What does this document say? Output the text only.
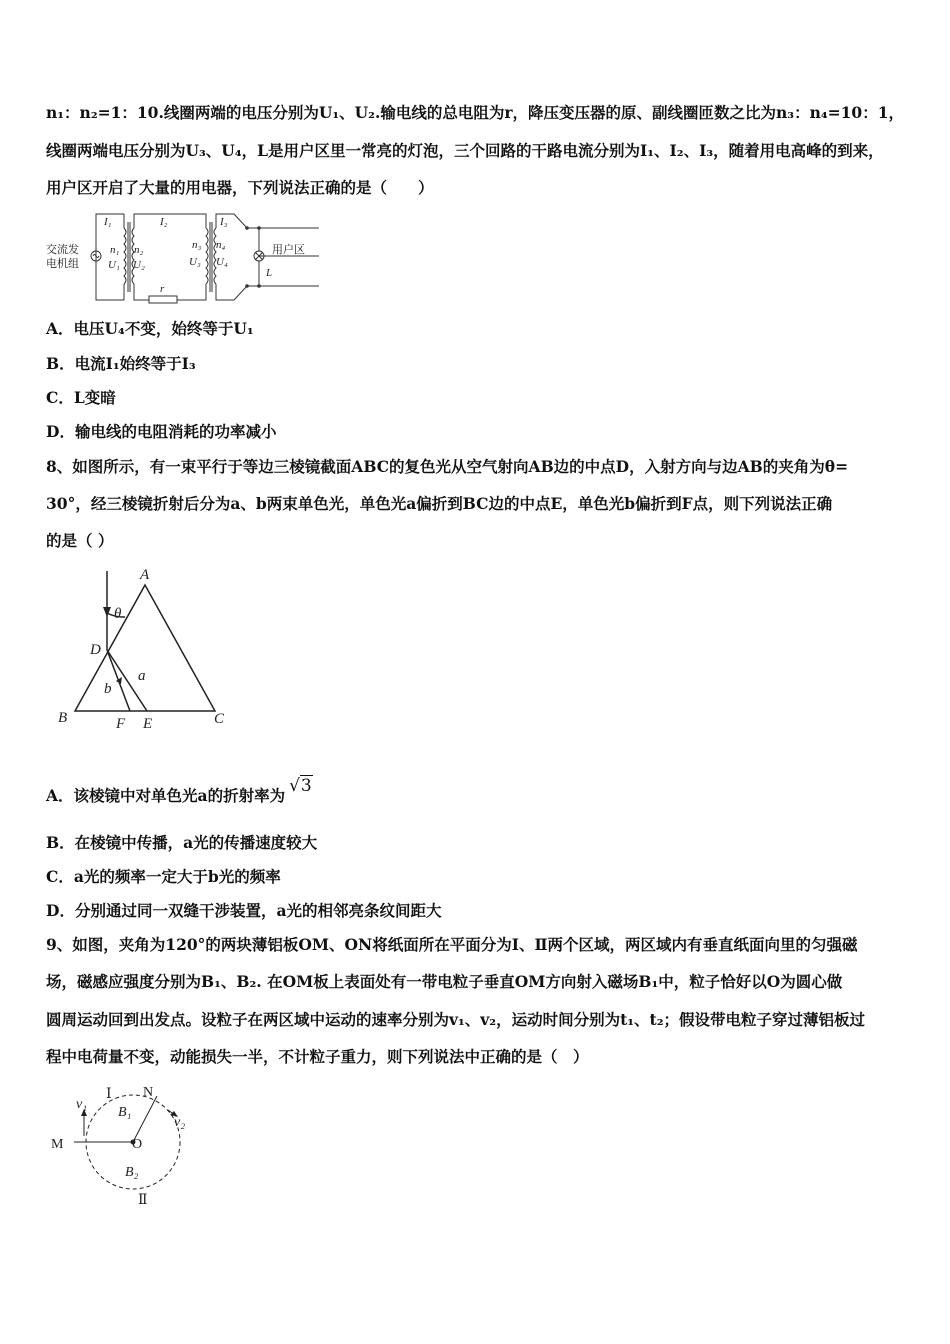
n₁：n₂=1：10.线圈两端的电压分别为U₁、U₂.输电线的总电阻为r，降压变压器的原、副线圈匝数之比为n₃：n₄=10：1，
线圈两端电压分别为U₃、U₄，L是用户区里一常亮的灯泡，三个回路的干路电流分别为I₁、I₂、I₃，随着用电高峰的到来，
用户区开启了大量的用电器，下列说法正确的是（　　）
交流发
电机组
I₁
n₁
U₁
n₂
U₂
I₂
r
n₃
U₃
n₄
U₄
I₃
L
用户区
A．电压U₄不变，始终等于U₁
B．电流I₁始终等于I₃
C．L变暗
D．输电线的电阻消耗的功率减小
8、如图所示，有一束平行于等边三棱镜截面ABC的复色光从空气射向AB边的中点D，入射方向与边AB的夹角为θ=
30°，经三棱镜折射后分为a、b两束单色光，单色光a偏折到BC边的中点E，单色光b偏折到F点，则下列说法正确
的是（ ）
A
B	C
D
E
F
θ
a
b
A．该棱镜中对单色光a的折射率为 √3
B．在棱镜中传播，a光的传播速度较大
C．a光的频率一定大于b光的频率
D．分别通过同一双缝干涉装置，a光的相邻亮条纹间距大
9、如图，夹角为120°的两块薄铝板OM、ON将纸面所在平面分为Ⅰ、Ⅱ两个区域，两区域内有垂直纸面向里的匀强磁
场，磁感应强度分别为B₁、B₂. 在OM板上表面处有一带电粒子垂直OM方向射入磁场B₁中，粒子恰好以O为圆心做
圆周运动回到出发点。设粒子在两区域中运动的速率分别为v₁、v₂，运动时间分别为t₁、t₂；假设带电粒子穿过薄铝板过
程中电荷量不变，动能损失一半，不计粒子重力，则下列说法中正确的是（　）
Ⅰ
Ⅱ
N
M	O
v₁
v₂
B₁
B₂
